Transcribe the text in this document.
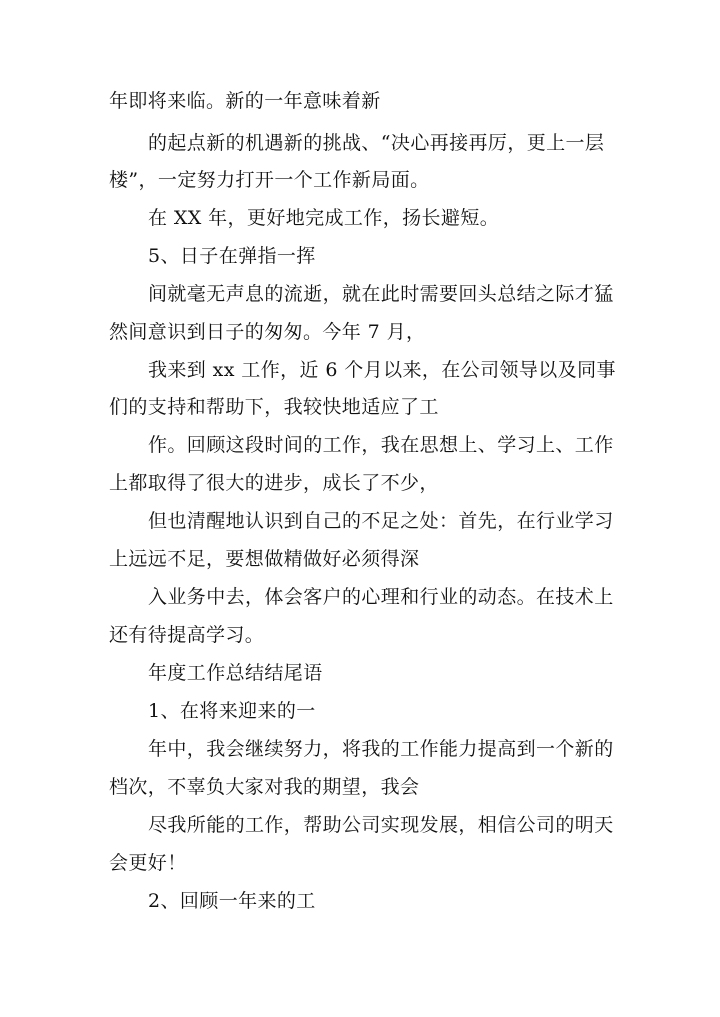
年即将来临。新的一年意味着新
的起点新的机遇新的挑战、“决心再接再厉，更上一层
楼”，一定努力打开一个工作新局面。
在 XX 年，更好地完成工作，扬长避短。
5、日子在弹指一挥
间就毫无声息的流逝，就在此时需要回头总结之际才猛
然间意识到日子的匆匆。今年 7 月，
我来到 xx 工作，近 6 个月以来，在公司领导以及同事
们的支持和帮助下，我较快地适应了工
作。回顾这段时间的工作，我在思想上、学习上、工作
上都取得了很大的进步，成长了不少，
但也清醒地认识到自己的不足之处：首先，在行业学习
上远远不足，要想做精做好必须得深
入业务中去，体会客户的心理和行业的动态。在技术上
还有待提高学习。
年度工作总结结尾语
1、在将来迎来的一
年中，我会继续努力，将我的工作能力提高到一个新的
档次，不辜负大家对我的期望，我会
尽我所能的工作，帮助公司实现发展，相信公司的明天
会更好！
2、回顾一年来的工
